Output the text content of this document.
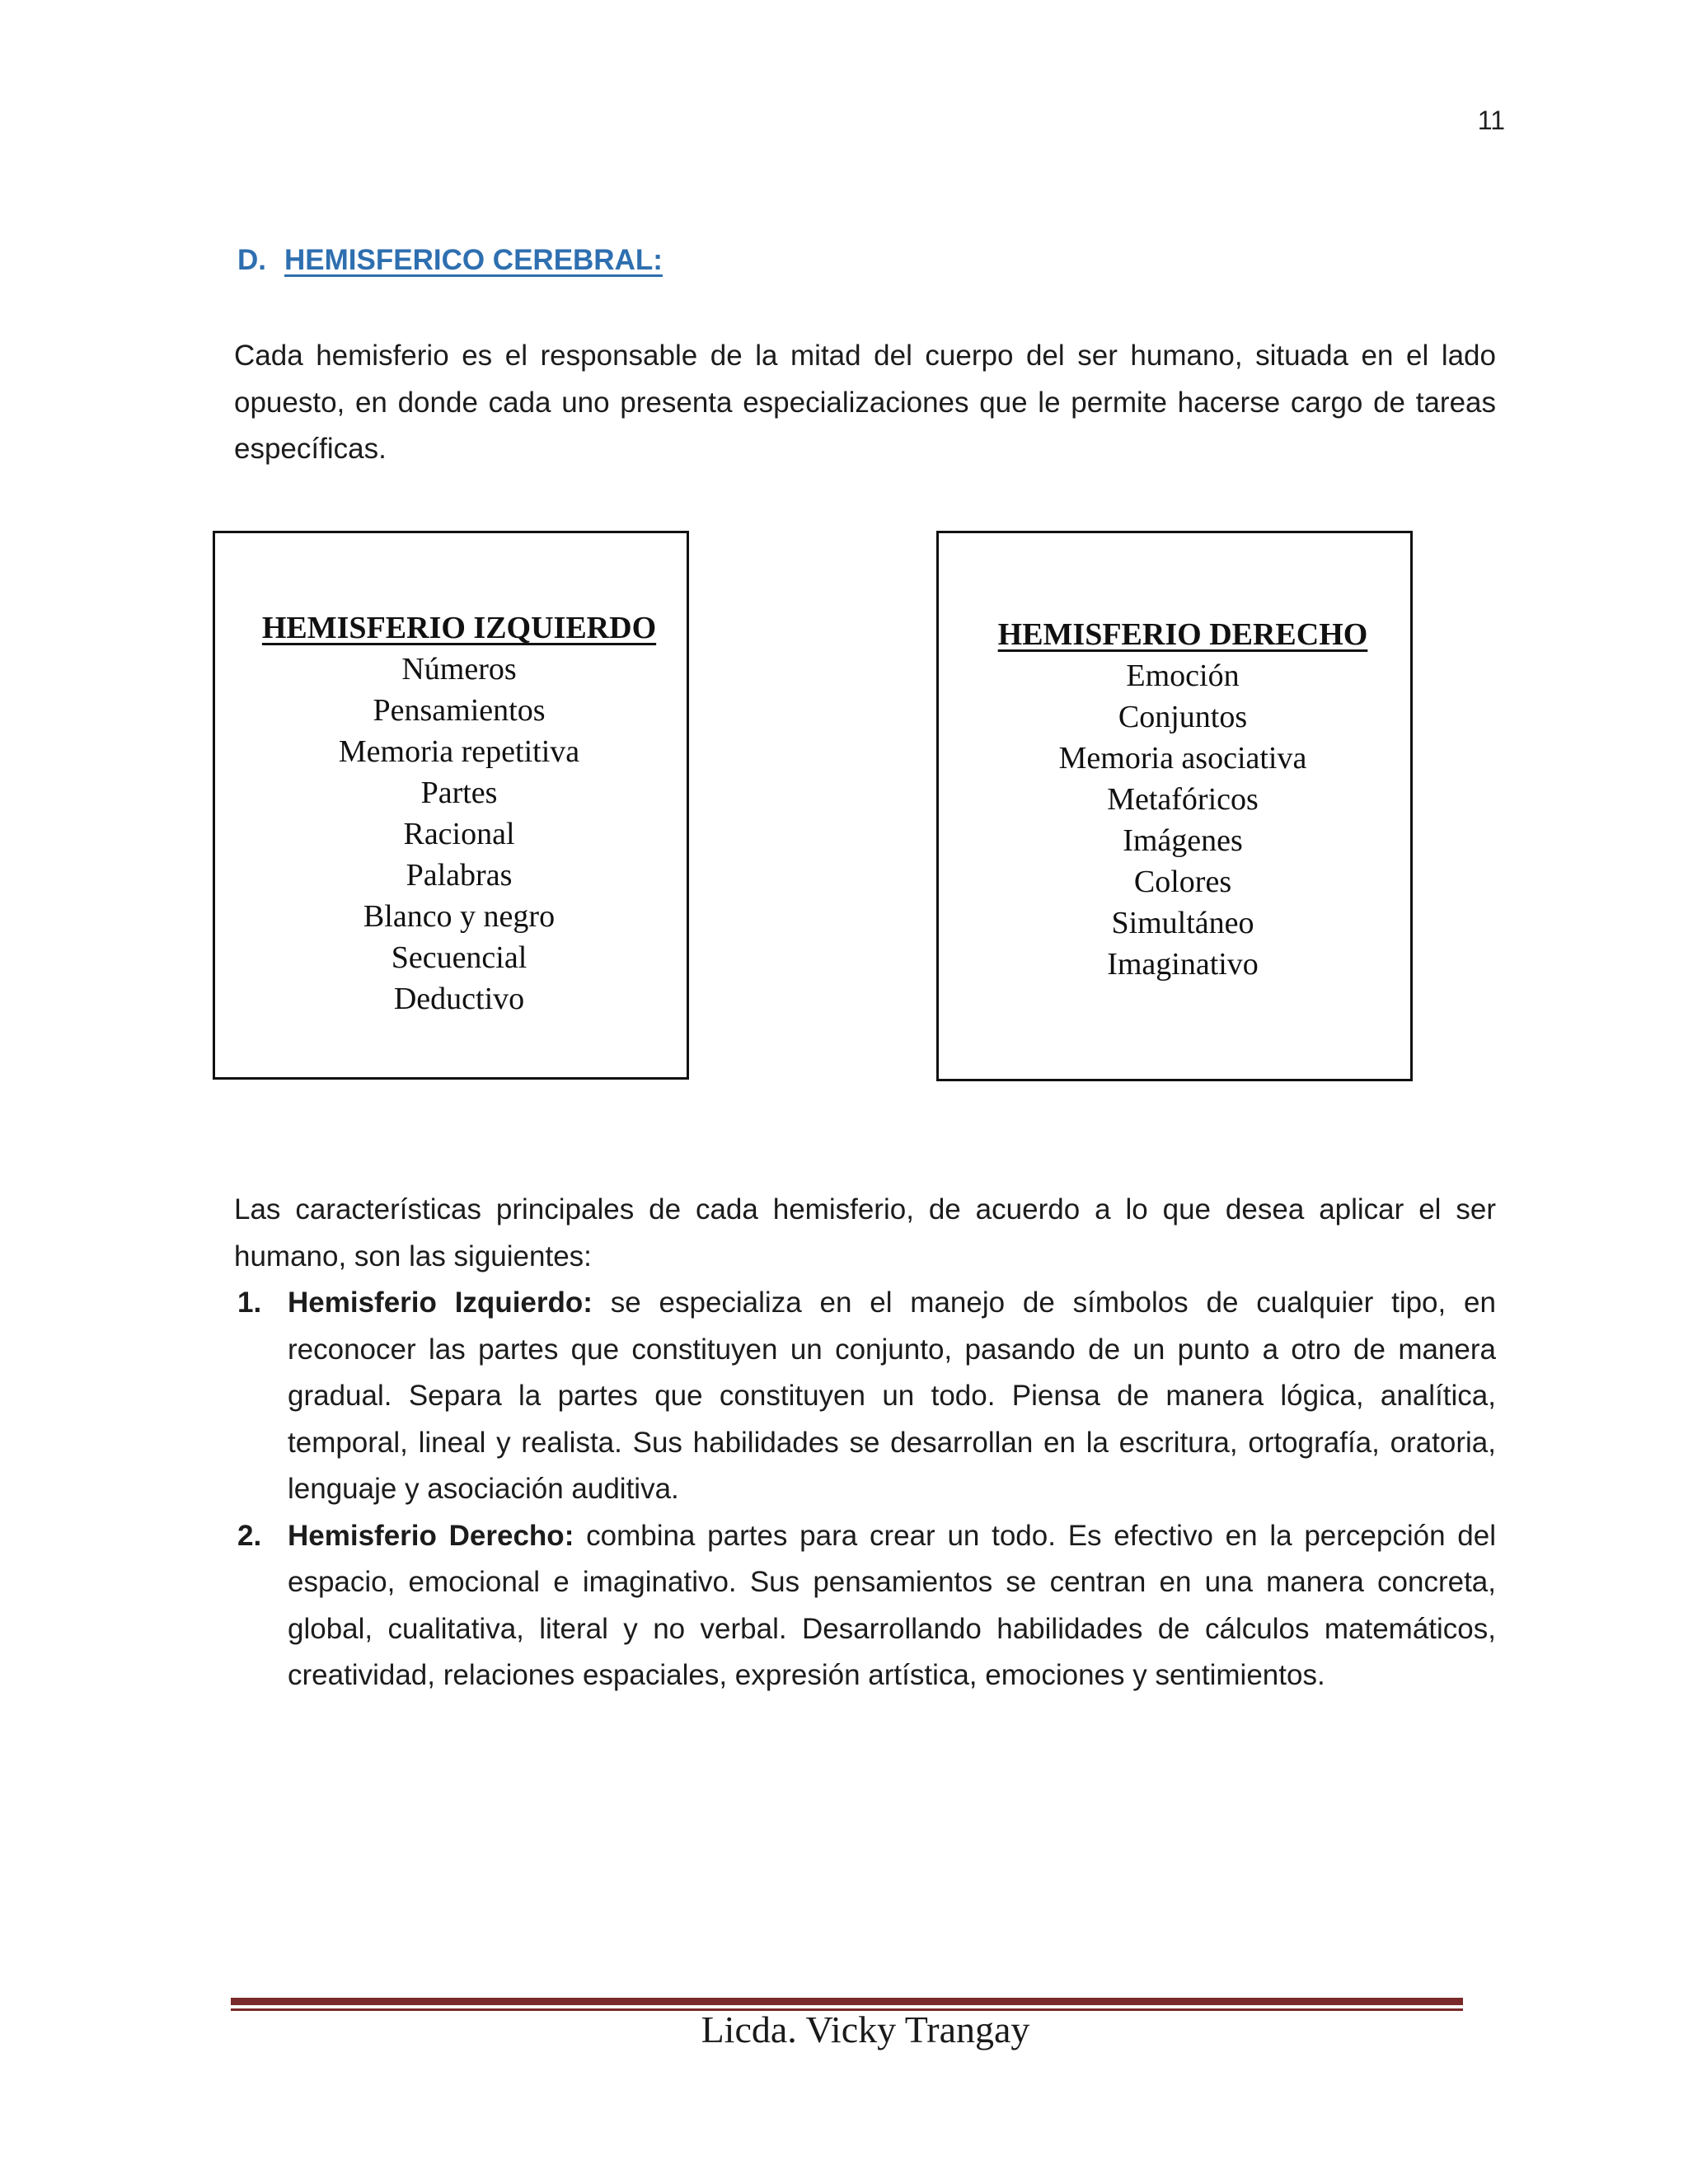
11
D. HEMISFERICO CEREBRAL:
Cada hemisferio es el responsable de la mitad del cuerpo del ser humano, situada en el lado opuesto, en donde cada uno presenta especializaciones que le permite hacerse cargo de tareas específicas.
HEMISFERIO IZQUIERDO
Números
Pensamientos
Memoria repetitiva
Partes
Racional
Palabras
Blanco y negro
Secuencial
Deductivo
HEMISFERIO DERECHO
Emoción
Conjuntos
Memoria asociativa
Metafóricos
Imágenes
Colores
Simultáneo
Imaginativo
Las características principales de cada hemisferio, de acuerdo a lo que desea aplicar el ser humano, son las siguientes:
1. Hemisferio Izquierdo: se especializa en el manejo de símbolos de cualquier tipo, en reconocer las partes que constituyen un conjunto, pasando de un punto a otro de manera gradual. Separa la partes que constituyen un todo. Piensa de manera lógica, analítica, temporal, lineal y realista. Sus habilidades se desarrollan en la escritura, ortografía, oratoria, lenguaje y asociación auditiva.
2. Hemisferio Derecho: combina partes para crear un todo. Es efectivo en la percepción del espacio, emocional e imaginativo. Sus pensamientos se centran en una manera concreta, global, cualitativa, literal y no verbal. Desarrollando habilidades de cálculos matemáticos, creatividad, relaciones espaciales, expresión artística, emociones y sentimientos.
Licda. Vicky Trangay
